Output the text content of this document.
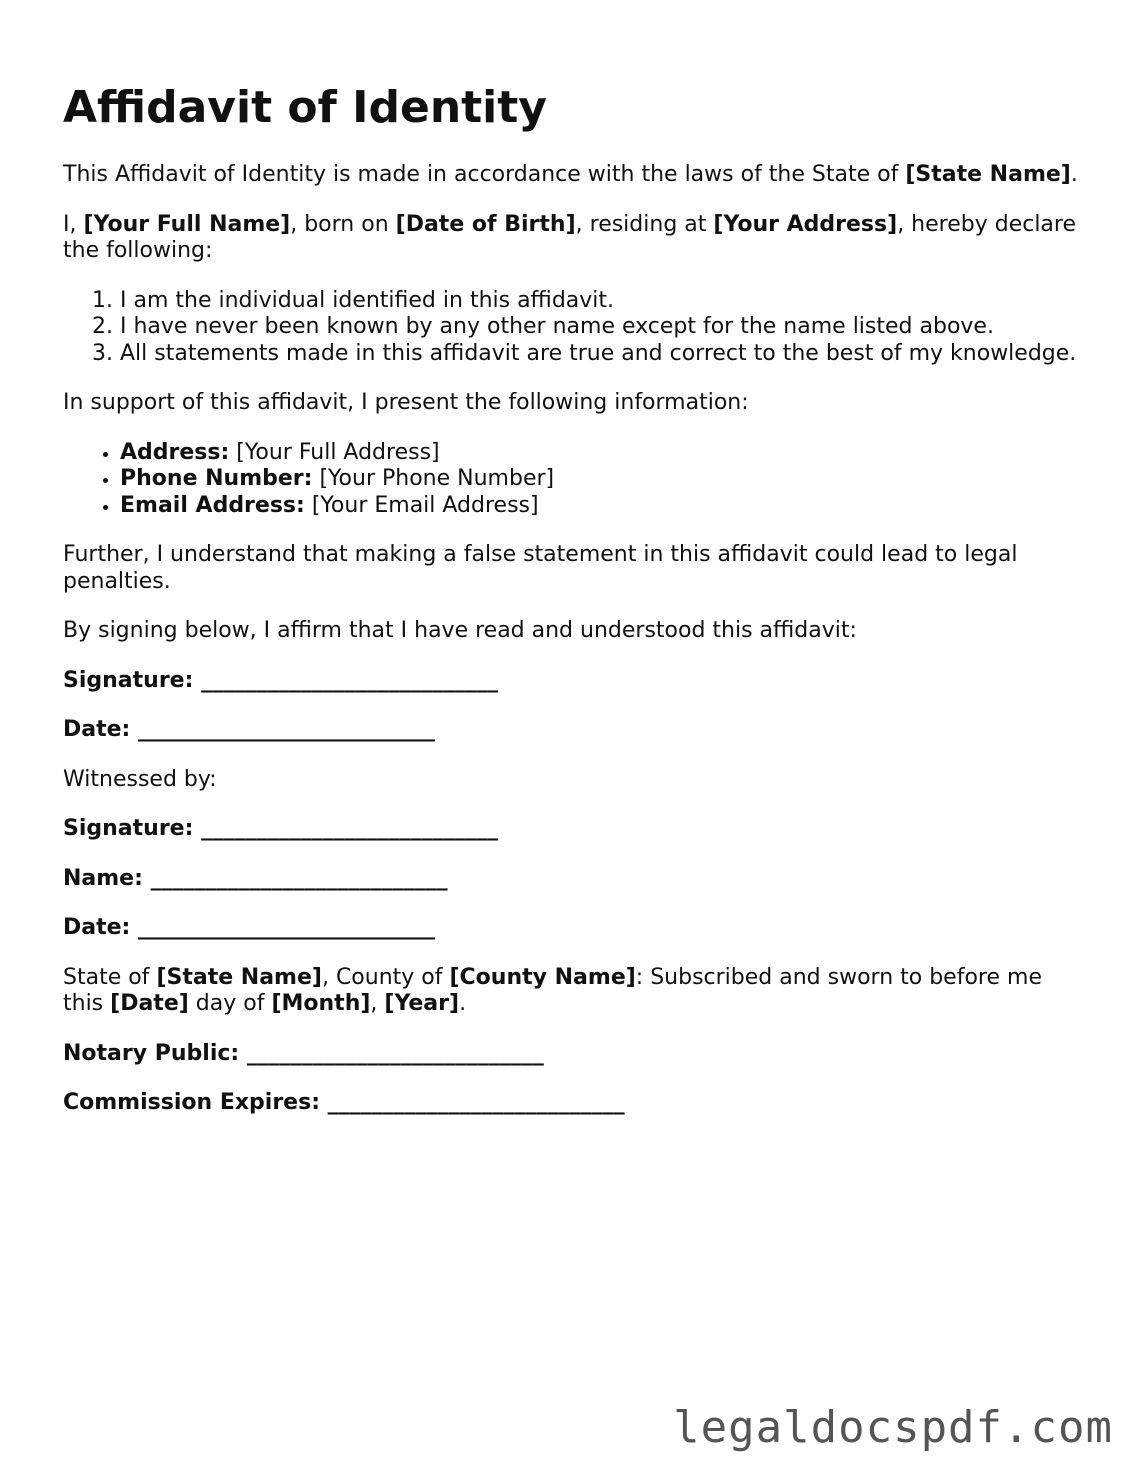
Affidavit of Identity

This Affidavit of Identity is made in accordance with the laws of the State of [State Name].

I, [Your Full Name], born on [Date of Birth], residing at [Your Address], hereby declare the following:

1. I am the individual identified in this affidavit.
2. I have never been known by any other name except for the name listed above.
3. All statements made in this affidavit are true and correct to the best of my knowledge.

In support of this affidavit, I present the following information:

• Address: [Your Full Address]
• Phone Number: [Your Phone Number]
• Email Address: [Your Email Address]

Further, I understand that making a false statement in this affidavit could lead to legal penalties.

By signing below, I affirm that I have read and understood this affidavit:

Signature: ___________________________
Date: ___________________________

Witnessed by:

Signature: ___________________________
Name: ___________________________
Date: ___________________________

State of [State Name], County of [County Name]: Subscribed and sworn to before me this [Date] day of [Month], [Year].

Notary Public: ___________________________
Commission Expires: ___________________________
legaldocspdf.com
